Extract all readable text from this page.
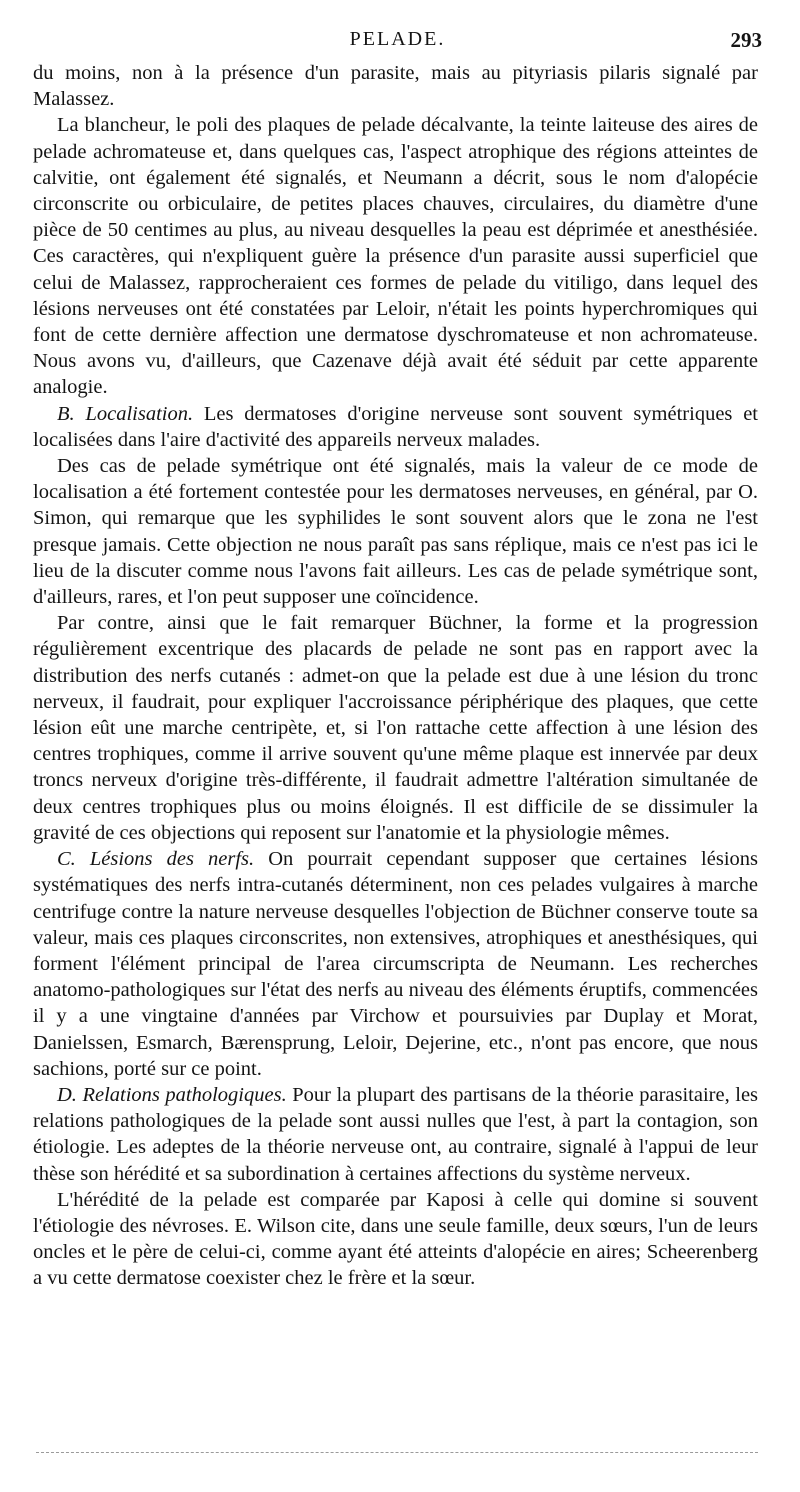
PELADE.	293

du moins, non à la présence d'un parasite, mais au pityriasis pilaris signalé par Malassez.

La blancheur, le poli des plaques de pelade décalvante, la teinte laiteuse des aires de pelade achromateuse et, dans quelques cas, l'aspect atrophique des régions atteintes de calvitie, ont également été signalés, et Neumann a décrit, sous le nom d'alopécie circonscrite ou orbiculaire, de petites places chauves, circulaires, du diamètre d'une pièce de 50 centimes au plus, au niveau desquelles la peau est déprimée et anesthésiée. Ces caractères, qui n'expliquent guère la présence d'un parasite aussi superficiel que celui de Malassez, rapprocheraient ces formes de pelade du vitiligo, dans lequel des lésions nerveuses ont été constatées par Leloir, n'était les points hyperchromiques qui font de cette dernière affection une dermatose dyschromateuse et non achromateuse. Nous avons vu, d'ailleurs, que Cazenave déjà avait été séduit par cette apparente analogie.

B. Localisation. Les dermatoses d'origine nerveuse sont souvent symétriques et localisées dans l'aire d'activité des appareils nerveux malades.

Des cas de pelade symétrique ont été signalés, mais la valeur de ce mode de localisation a été fortement contestée pour les dermatoses nerveuses, en général, par O. Simon, qui remarque que les syphilides le sont souvent alors que le zona ne l'est presque jamais. Cette objection ne nous paraît pas sans réplique, mais ce n'est pas ici le lieu de la discuter comme nous l'avons fait ailleurs. Les cas de pelade symétrique sont, d'ailleurs, rares, et l'on peut supposer une coïncidence.

Par contre, ainsi que le fait remarquer Büchner, la forme et la progression régulièrement excentrique des placards de pelade ne sont pas en rapport avec la distribution des nerfs cutanés : admet-on que la pelade est due à une lésion du tronc nerveux, il faudrait, pour expliquer l'accroissance périphérique des plaques, que cette lésion eût une marche centripète, et, si l'on rattache cette affection à une lésion des centres trophiques, comme il arrive souvent qu'une même plaque est innervée par deux troncs nerveux d'origine très-différente, il faudrait admettre l'altération simultanée de deux centres trophiques plus ou moins éloignés. Il est difficile de se dissimuler la gravité de ces objections qui reposent sur l'anatomie et la physiologie mêmes.

C. Lésions des nerfs. On pourrait cependant supposer que certaines lésions systématiques des nerfs intra-cutanés déterminent, non ces pelades vulgaires à marche centrifuge contre la nature nerveuse desquelles l'objection de Büchner conserve toute sa valeur, mais ces plaques circonscrites, non extensives, atrophiques et anesthésiques, qui forment l'élément principal de l'area circumscripta de Neumann. Les recherches anatomo-pathologiques sur l'état des nerfs au niveau des éléments éruptifs, commencées il y a une vingtaine d'années par Virchow et poursuivies par Duplay et Morat, Danielssen, Esmarch, Bærensprung, Leloir, Dejerine, etc., n'ont pas encore, que nous sachions, porté sur ce point.

D. Relations pathologiques. Pour la plupart des partisans de la théorie parasitaire, les relations pathologiques de la pelade sont aussi nulles que l'est, à part la contagion, son étiologie. Les adeptes de la théorie nerveuse ont, au contraire, signalé à l'appui de leur thèse son hérédité et sa subordination à certaines affections du système nerveux.

L'hérédité de la pelade est comparée par Kaposi à celle qui domine si souvent l'étiologie des névroses. E. Wilson cite, dans une seule famille, deux sœurs, l'un de leurs oncles et le père de celui-ci, comme ayant été atteints d'alopécie en aires; Scheerenberg a vu cette dermatose coexister chez le frère et la sœur.
